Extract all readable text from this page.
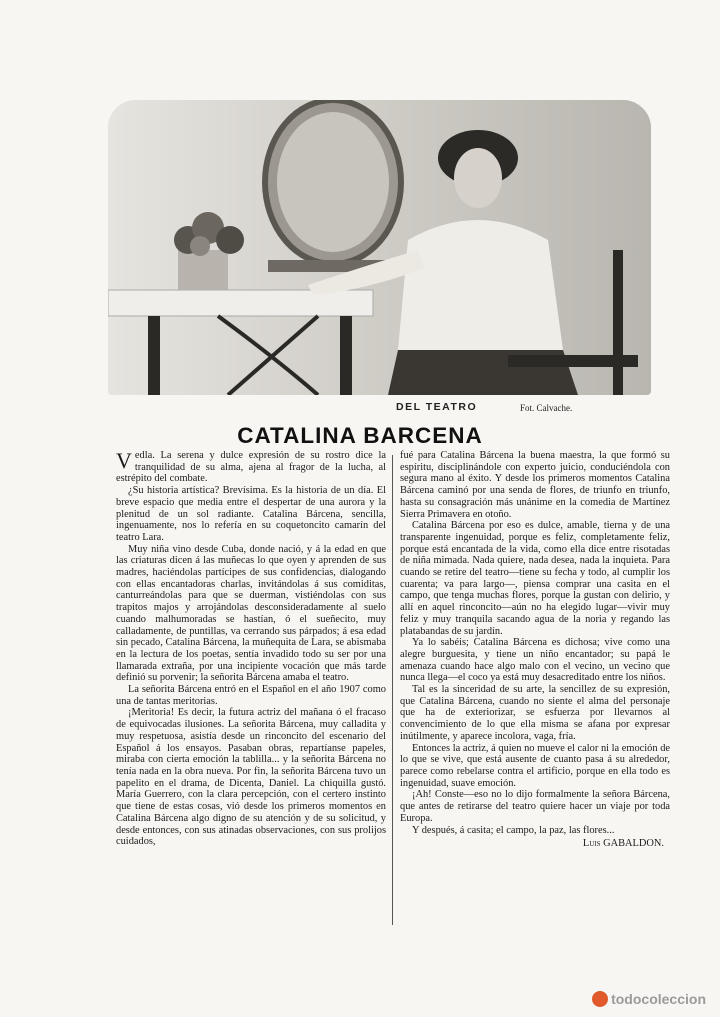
DEL TEATRO	Fot. Calvache.
CATALINA BARCENA

Vedla. La serena y dulce expresión de su rostro dice la tranquilidad de su alma, ajena al fragor de la lucha, al estrépito del combate.

¿Su historia artística? Brevísima. Es la historia de un día. El breve espacio que media entre el despertar de una aurora y la plenitud de un sol radiante. Catalina Bárcena, sencilla, ingenuamente, nos lo refería en su coquetoncito camarín del teatro Lara.

Muy niña vino desde Cuba, donde nació, y á la edad en que las criaturas dicen á las muñecas lo que oyen y aprenden de sus madres, haciéndolas partícipes de sus confidencias, dialogando con ellas encantadoras charlas, invitándolas á sus comiditas, canturreándolas para que se duerman, vistiéndolas con sus trapitos majos y arrojándolas desconsideradamente al suelo cuando malhumoradas se hastían, ó el sueñecito, muy calladamente, de puntillas, va cerrando sus párpados; á esa edad sin pecado, Catalina Bárcena, la muñequita de Lara, se abismaba en la lectura de los poetas, sentía invadido todo su ser por una llamarada extraña, por una incipiente vocación que más tarde definió su porvenir; la señorita Bárcena amaba el teatro.

La señorita Bárcena entró en el Español en el año 1907 como una de tantas meritorias.

¡Meritoria! Es decir, la futura actriz del mañana ó el fracaso de equivocadas ilusiones. La señorita Bárcena, muy calladita y muy respetuosa, asistía desde un rinconcito del escenario del Español á los ensayos. Pasaban obras, repartíanse papeles, miraba con cierta emoción la tablilla... y la señorita Bárcena no tenía nada en la obra nueva. Por fin, la señorita Bárcena tuvo un papelito en el drama, de Dicenta, Daniel. La chiquilla gustó. María Guerrero, con la clara percepción, con el certero instinto que tiene de estas cosas, vió desde los primeros momentos en Catalina Bárcena algo digno de su atención y de su solicitud, y desde entonces, con sus atinadas observaciones, con sus prolijos cuidados,

fué para Catalina Bárcena la buena maestra, la que formó su espíritu, disciplinándole con experto juicio, conduciéndola con segura mano al éxito. Y desde los primeros momentos Catalina Bárcena caminó por una senda de flores, de triunfo en triunfo, hasta su consagración más unánime en la comedia de Martínez Sierra Primavera en otoño.

Catalina Bárcena por eso es dulce, amable, tierna y de una transparente ingenuidad, porque es feliz, completamente feliz, porque está encantada de la vida, como ella dice entre risotadas de niña mimada. Nada quiere, nada desea, nada la inquieta. Para cuando se retire del teatro—tiene su fecha y todo, al cumplir los cuarenta; va para largo—, piensa comprar una casita en el campo, que tenga muchas flores, porque la gustan con delirio, y allí en aquel rinconcito—aún no ha elegido lugar—vivir muy feliz y muy tranquila sacando agua de la noria y regando las platabandas de su jardín.

Ya lo sabéis; Catalina Bárcena es dichosa; vive como una alegre burguesita, y tiene un niño encantador; su papá le amenaza cuando hace algo malo con el vecino, un vecino que nunca llega—el coco ya está muy desacreditado entre los niños.

Tal es la sinceridad de su arte, la sencillez de su expresión, que Catalina Bárcena, cuando no siente el alma del personaje que ha de exteriorizar, se esfuerza por llevarnos al convencimiento de lo que ella misma se afana por expresar inútilmente, y aparece incolora, vaga, fría.

Entonces la actriz, á quien no mueve el calor ni la emoción de lo que se vive, que está ausente de cuanto pasa á su alrededor, parece como rebelarse contra el artificio, porque en ella todo es ingenuidad, suave emoción.

¡Ah! Conste—eso no lo dijo formalmente la señora Bárcena, que antes de retirarse del teatro quiere hacer un viaje por toda Europa.

Y después, á casita; el campo, la paz, las flores...

Luis GABALDON.
todocoleccion
